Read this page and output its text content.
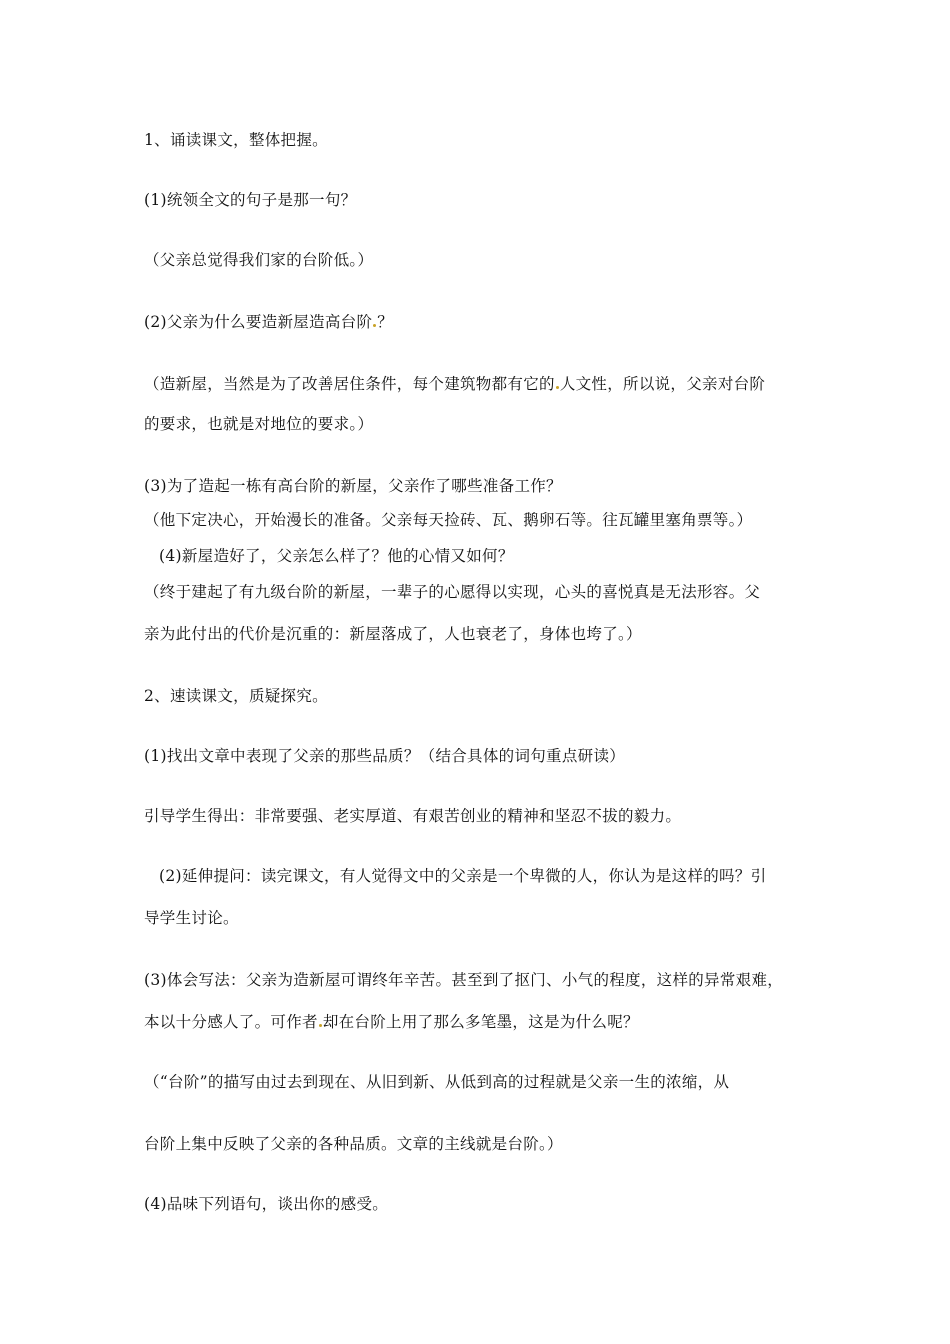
1、诵读课文，整体把握。
(1)统领全文的句子是那一句？
（父亲总觉得我们家的台阶低。）
(2)父亲为什么要造新屋造高台阶 ？
（造新屋，当然是为了改善居住条件，每个建筑物都有它的 人文性，所以说，父亲对台阶
的要求，也就是对地位的要求。）
(3)为了造起一栋有高台阶的新屋，父亲作了哪些准备工作？
（他下定决心，开始漫长的准备。父亲每天捡砖、瓦、鹅卵石等。往瓦罐里塞角票等。）
(4)新屋造好了，父亲怎么样了？他的心情又如何？
（终于建起了有九级台阶的新屋，一辈子的心愿得以实现，心头的喜悦真是无法形容。父
亲为此付出的代价是沉重的：新屋落成了，人也衰老了，身体也垮了。）
2、速读课文，质疑探究。
(1)找出文章中表现了父亲的那些品质？（结合具体的词句重点研读）
引导学生得出：非常要强、老实厚道、有艰苦创业的精神和坚忍不拔的毅力。
(2)延伸提问：读完课文，有人觉得文中的父亲是一个卑微的人，你认为是这样的吗？引
导学生讨论。
(3)体会写法：父亲为造新屋可谓终年辛苦。甚至到了抠门、小气的程度，这样的异常艰难，
本以十分感人了。可作者 却在台阶上用了那么多笔墨，这是为什么呢？
（“台阶”的描写由过去到现在、从旧到新、从低到高的过程就是父亲一生的浓缩，从
台阶上集中反映了父亲的各种品质。文章的主线就是台阶。）
(4)品味下列语句，谈出你的感受。
